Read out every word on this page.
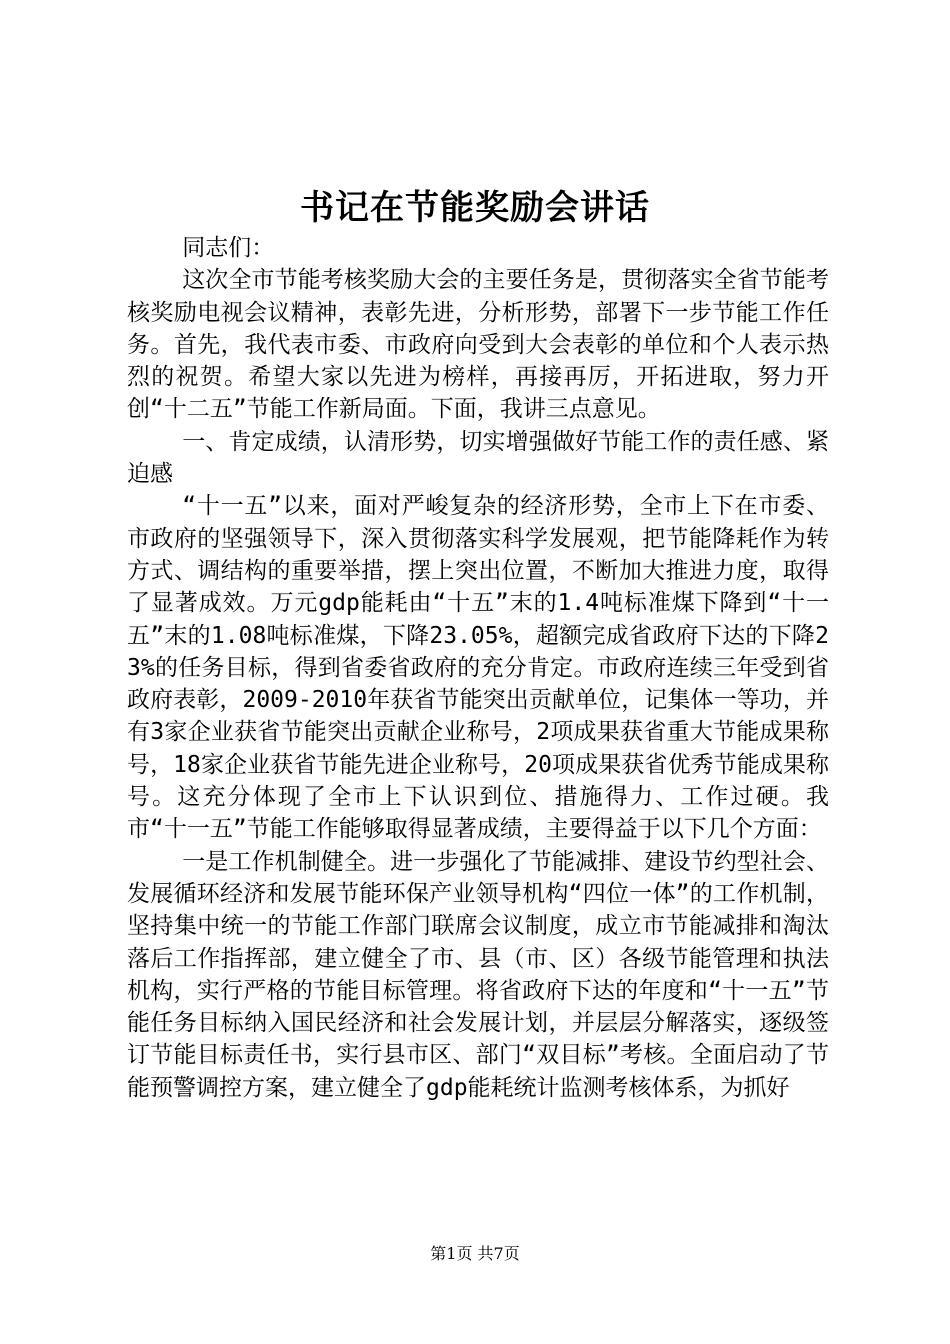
书记在节能奖励会讲话

同志们：

这次全市节能考核奖励大会的主要任务是，贯彻落实全省节能考核奖励电视会议精神，表彰先进，分析形势，部署下一步节能工作任务。首先，我代表市委、市政府向受到大会表彰的单位和个人表示热烈的祝贺。希望大家以先进为榜样，再接再厉，开拓进取，努力开创“十二五”节能工作新局面。下面，我讲三点意见。

一、肯定成绩，认清形势，切实增强做好节能工作的责任感、紧迫感

“十一五”以来，面对严峻复杂的经济形势，全市上下在市委、市政府的坚强领导下，深入贯彻落实科学发展观，把节能降耗作为转方式、调结构的重要举措，摆上突出位置，不断加大推进力度，取得了显著成效。万元gdp能耗由“十五”末的1.4吨标准煤下降到“十一五”末的1.08吨标准煤，下降23.05%，超额完成省政府下达的下降23%的任务目标，得到省委省政府的充分肯定。市政府连续三年受到省政府表彰，2009-2010年获省节能突出贡献单位，记集体一等功，并有3家企业获省节能突出贡献企业称号，2项成果获省重大节能成果称号，18家企业获省节能先进企业称号，20项成果获省优秀节能成果称号。这充分体现了全市上下认识到位、措施得力、工作过硬。我市“十一五”节能工作能够取得显著成绩，主要得益于以下几个方面：

一是工作机制健全。进一步强化了节能减排、建设节约型社会、发展循环经济和发展节能环保产业领导机构“四位一体”的工作机制，坚持集中统一的节能工作部门联席会议制度，成立市节能减排和淘汰落后工作指挥部，建立健全了市、县（市、区）各级节能管理和执法机构，实行严格的节能目标管理。将省政府下达的年度和“十一五”节能任务目标纳入国民经济和社会发展计划，并层层分解落实，逐级签订节能目标责任书，实行县市区、部门“双目标”考核。全面启动了节能预警调控方案，建立健全了gdp能耗统计监测考核体系，为抓好

第1页 共7页
